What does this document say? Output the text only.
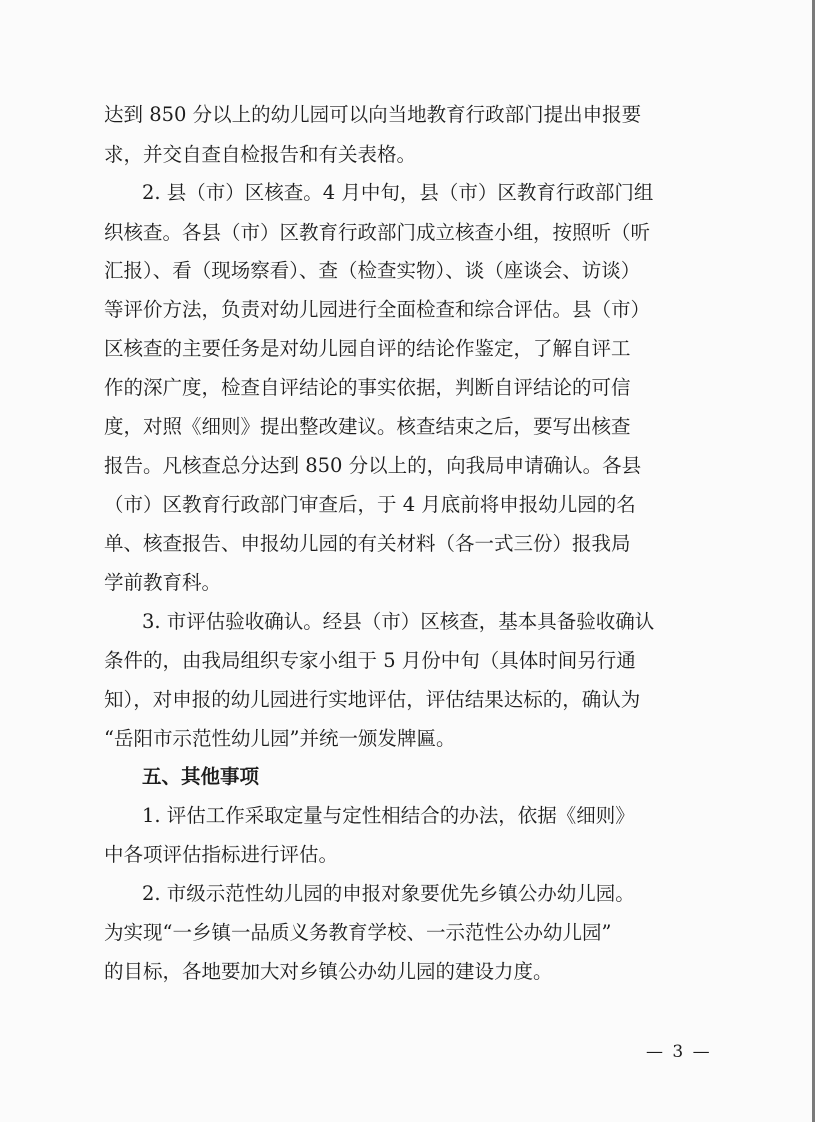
达到 850 分以上的幼儿园可以向当地教育行政部门提出申报要
求，并交自查自检报告和有关表格。
2. 县（市）区核查。4 月中旬，县（市）区教育行政部门组
织核查。各县（市）区教育行政部门成立核查小组，按照听（听
汇报）、看（现场察看）、查（检查实物）、谈（座谈会、访谈）
等评价方法，负责对幼儿园进行全面检查和综合评估。县（市）
区核查的主要任务是对幼儿园自评的结论作鉴定，了解自评工
作的深广度，检查自评结论的事实依据，判断自评结论的可信
度，对照《细则》提出整改建议。核查结束之后，要写出核查
报告。凡核查总分达到 850 分以上的，向我局申请确认。各县
（市）区教育行政部门审查后，于 4 月底前将申报幼儿园的名
单、核查报告、申报幼儿园的有关材料（各一式三份）报我局
学前教育科。
3. 市评估验收确认。经县（市）区核查，基本具备验收确认
条件的，由我局组织专家小组于 5 月份中旬（具体时间另行通
知），对申报的幼儿园进行实地评估，评估结果达标的，确认为
“岳阳市示范性幼儿园”并统一颁发牌匾。
五、其他事项
1. 评估工作采取定量与定性相结合的办法，依据《细则》
中各项评估指标进行评估。
2. 市级示范性幼儿园的申报对象要优先乡镇公办幼儿园。
为实现“一乡镇一品质义务教育学校、一示范性公办幼儿园”
的目标，各地要加大对乡镇公办幼儿园的建设力度。
— 3 —
